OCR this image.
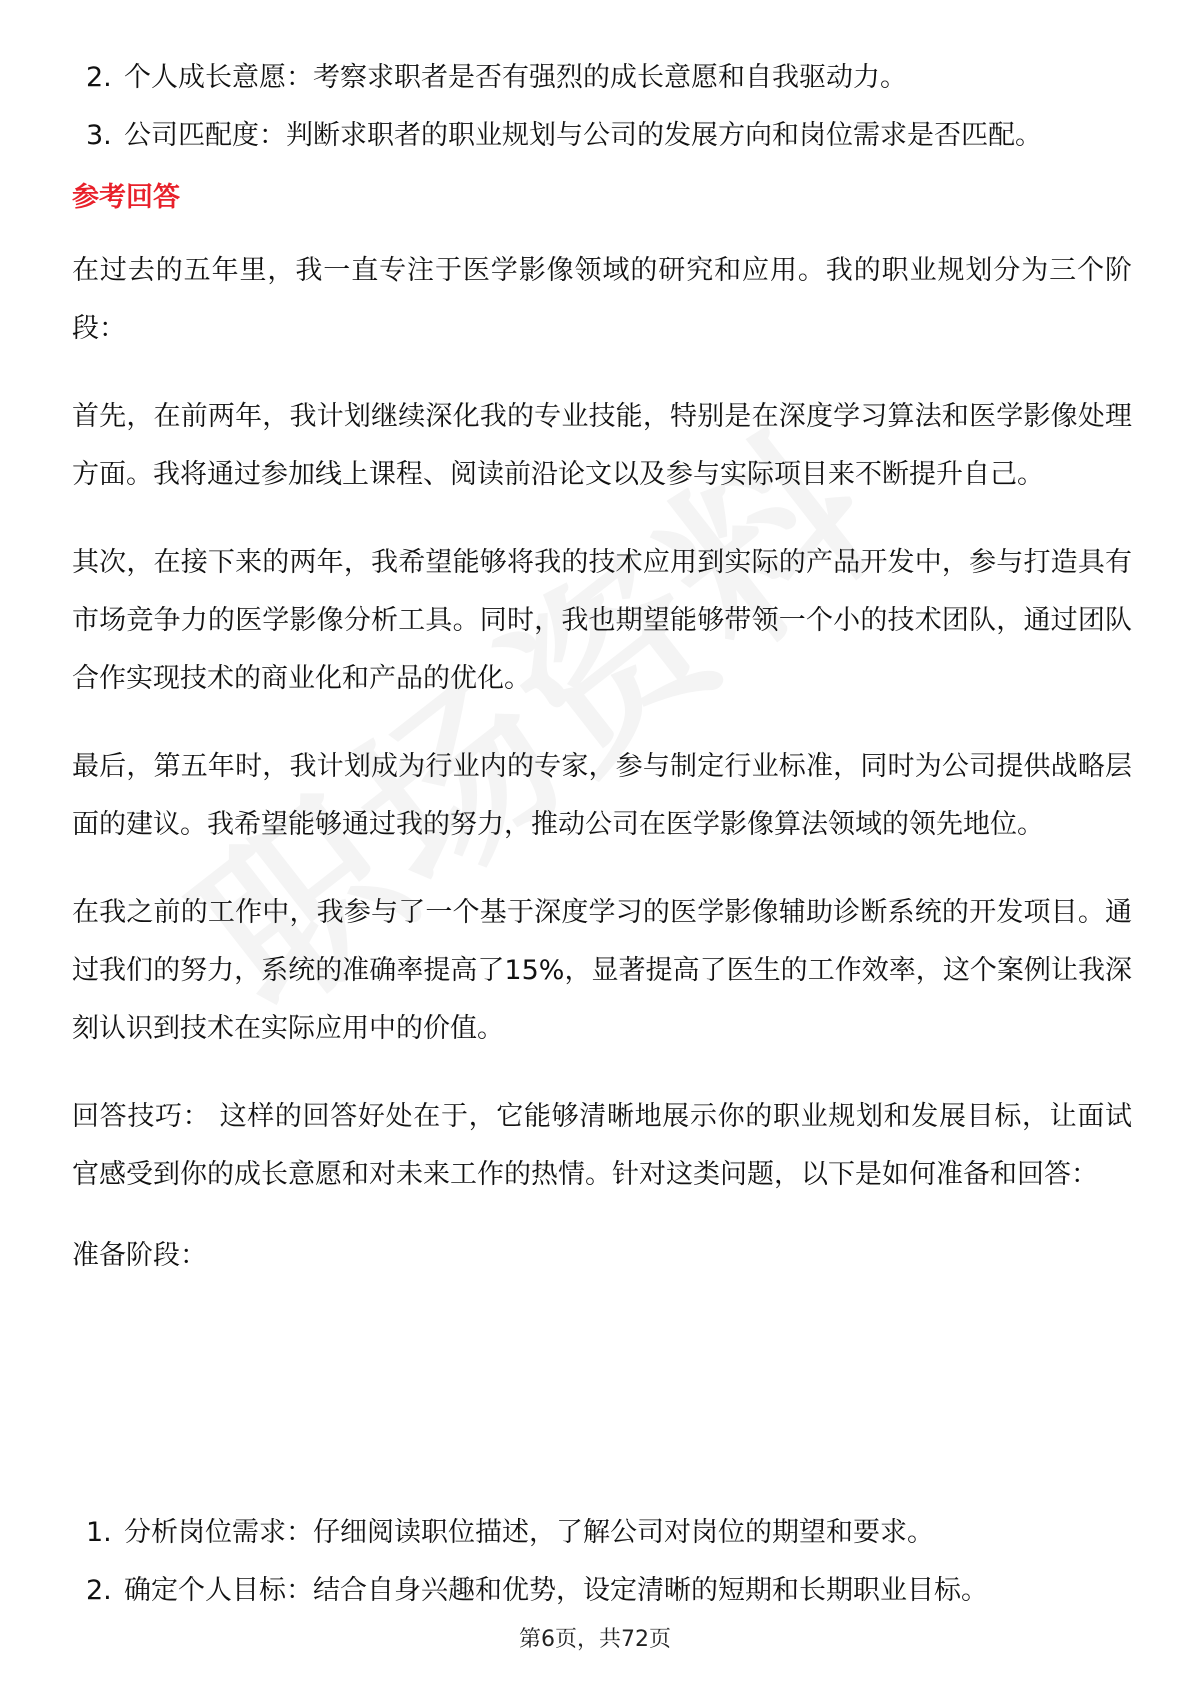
2. 个人成长意愿：考察求职者是否有强烈的成长意愿和自我驱动力。
3. 公司匹配度：判断求职者的职业规划与公司的发展方向和岗位需求是否匹配。
参考回答

在过去的五年里，我一直专注于医学影像领域的研究和应用。我的职业规划分为三个阶段：

首先，在前两年，我计划继续深化我的专业技能，特别是在深度学习算法和医学影像处理方面。我将通过参加线上课程、阅读前沿论文以及参与实际项目来不断提升自己。

其次，在接下来的两年，我希望能够将我的技术应用到实际的产品开发中，参与打造具有市场竞争力的医学影像分析工具。同时，我也期望能够带领一个小的技术团队，通过团队合作实现技术的商业化和产品的优化。

最后，第五年时，我计划成为行业内的专家，参与制定行业标准，同时为公司提供战略层面的建议。我希望能够通过我的努力，推动公司在医学影像算法领域的领先地位。

在我之前的工作中，我参与了一个基于深度学习的医学影像辅助诊断系统的开发项目。通过我们的努力，系统的准确率提高了15%，显著提高了医生的工作效率，这个案例让我深刻认识到技术在实际应用中的价值。

回答技巧： 这样的回答好处在于，它能够清晰地展示你的职业规划和发展目标，让面试官感受到你的成长意愿和对未来工作的热情。针对这类问题，以下是如何准备和回答：

准备阶段：
1. 分析岗位需求：仔细阅读职位描述，了解公司对岗位的期望和要求。
2. 确定个人目标：结合自身兴趣和优势，设定清晰的短期和长期职业目标。
第6页，共72页
